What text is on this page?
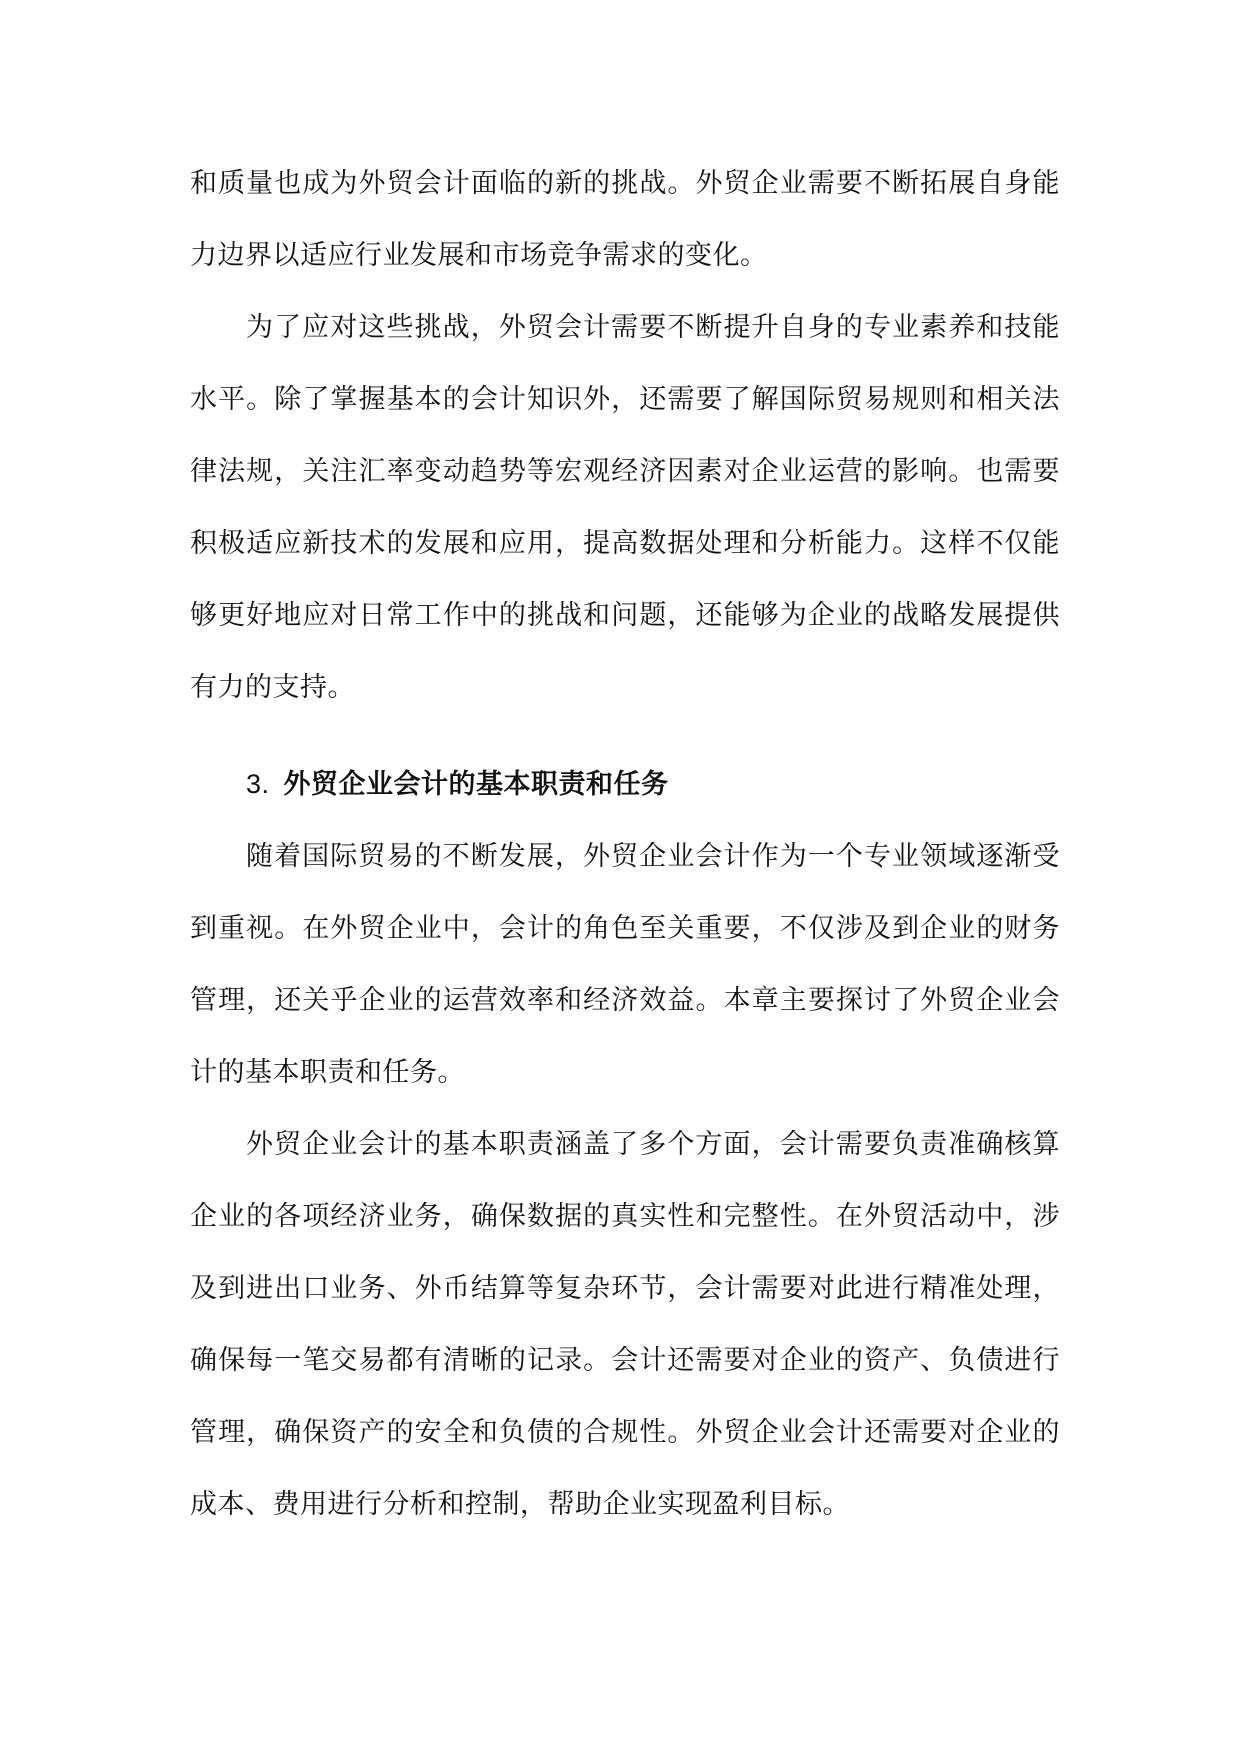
和质量也成为外贸会计面临的新的挑战。外贸企业需要不断拓展自身能力边界以适应行业发展和市场竞争需求的变化。

为了应对这些挑战，外贸会计需要不断提升自身的专业素养和技能水平。除了掌握基本的会计知识外，还需要了解国际贸易规则和相关法律法规，关注汇率变动趋势等宏观经济因素对企业运营的影响。也需要积极适应新技术的发展和应用，提高数据处理和分析能力。这样不仅能够更好地应对日常工作中的挑战和问题，还能够为企业的战略发展提供有力的支持。

3. 外贸企业会计的基本职责和任务

随着国际贸易的不断发展，外贸企业会计作为一个专业领域逐渐受到重视。在外贸企业中，会计的角色至关重要，不仅涉及到企业的财务管理，还关乎企业的运营效率和经济效益。本章主要探讨了外贸企业会计的基本职责和任务。

外贸企业会计的基本职责涵盖了多个方面，会计需要负责准确核算企业的各项经济业务，确保数据的真实性和完整性。在外贸活动中，涉及到进出口业务、外币结算等复杂环节，会计需要对此进行精准处理，确保每一笔交易都有清晰的记录。会计还需要对企业的资产、负债进行管理，确保资产的安全和负债的合规性。外贸企业会计还需要对企业的成本、费用进行分析和控制，帮助企业实现盈利目标。
